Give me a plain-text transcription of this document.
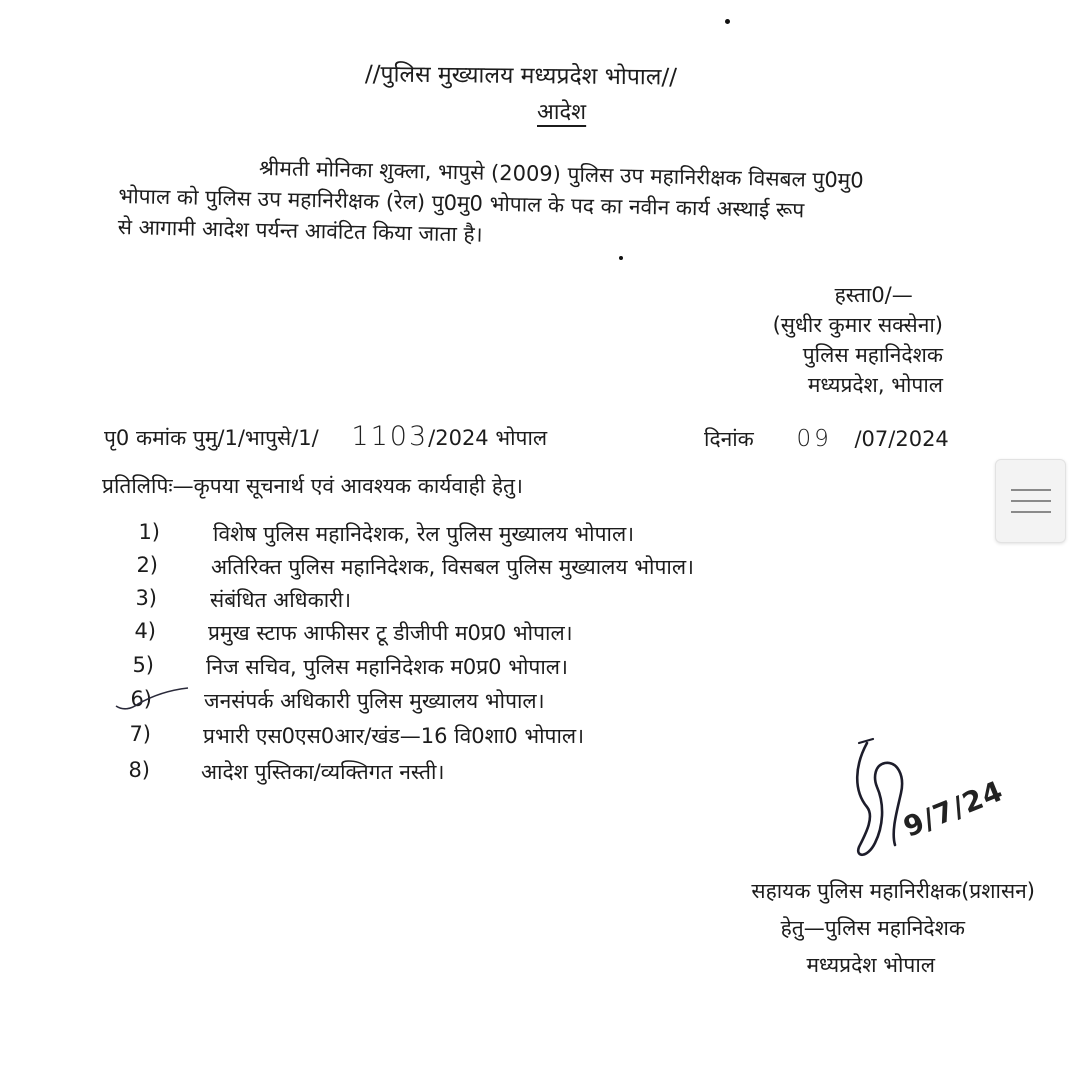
//पुलिस मुख्यालय मध्यप्रदेश भोपाल//
आदेश
श्रीमती मोनिका शुक्ला, भापुसे (2009) पुलिस उप महानिरीक्षक विसबल पु0मु0
भोपाल को पुलिस उप महानिरीक्षक (रेल) पु0मु0 भोपाल के पद का नवीन कार्य अस्थाई रूप
से आगामी आदेश पर्यन्त आवंटित किया जाता है।
हस्ता0/—
(सुधीर कुमार सक्सेना)
पुलिस महानिदेशक
मध्यप्रदेश, भोपाल
पृ0 कमांक पुमु/1/भापुसे/1/ 1103/2024 भोपाल	दिनांक 09 /07/2024
प्रतिलिपिः—कृपया सूचनार्थ एवं आवश्यक कार्यवाही हेतु।
1)	विशेष पुलिस महानिदेशक, रेल पुलिस मुख्यालय भोपाल।
2)	अतिरिक्त पुलिस महानिदेशक, विसबल पुलिस मुख्यालय भोपाल।
3)	संबंधित अधिकारी।
4) प्रमुख स्टाफ आफीसर टू डीजीपी म0प्र0 भोपाल।
5) निज सचिव, पुलिस महानिदेशक म0प्र0 भोपाल।
6) जनसंपर्क अधिकारी पुलिस मुख्यालय भोपाल।
7) प्रभारी एस0एस0आर/खंड—16 वि0शा0 भोपाल।
8) आदेश पुस्तिका/व्यक्तिगत नस्ती।
9/7/24
सहायक पुलिस महानिरीक्षक(प्रशासन)
हेतु—पुलिस महानिदेशक
मध्यप्रदेश भोपाल
